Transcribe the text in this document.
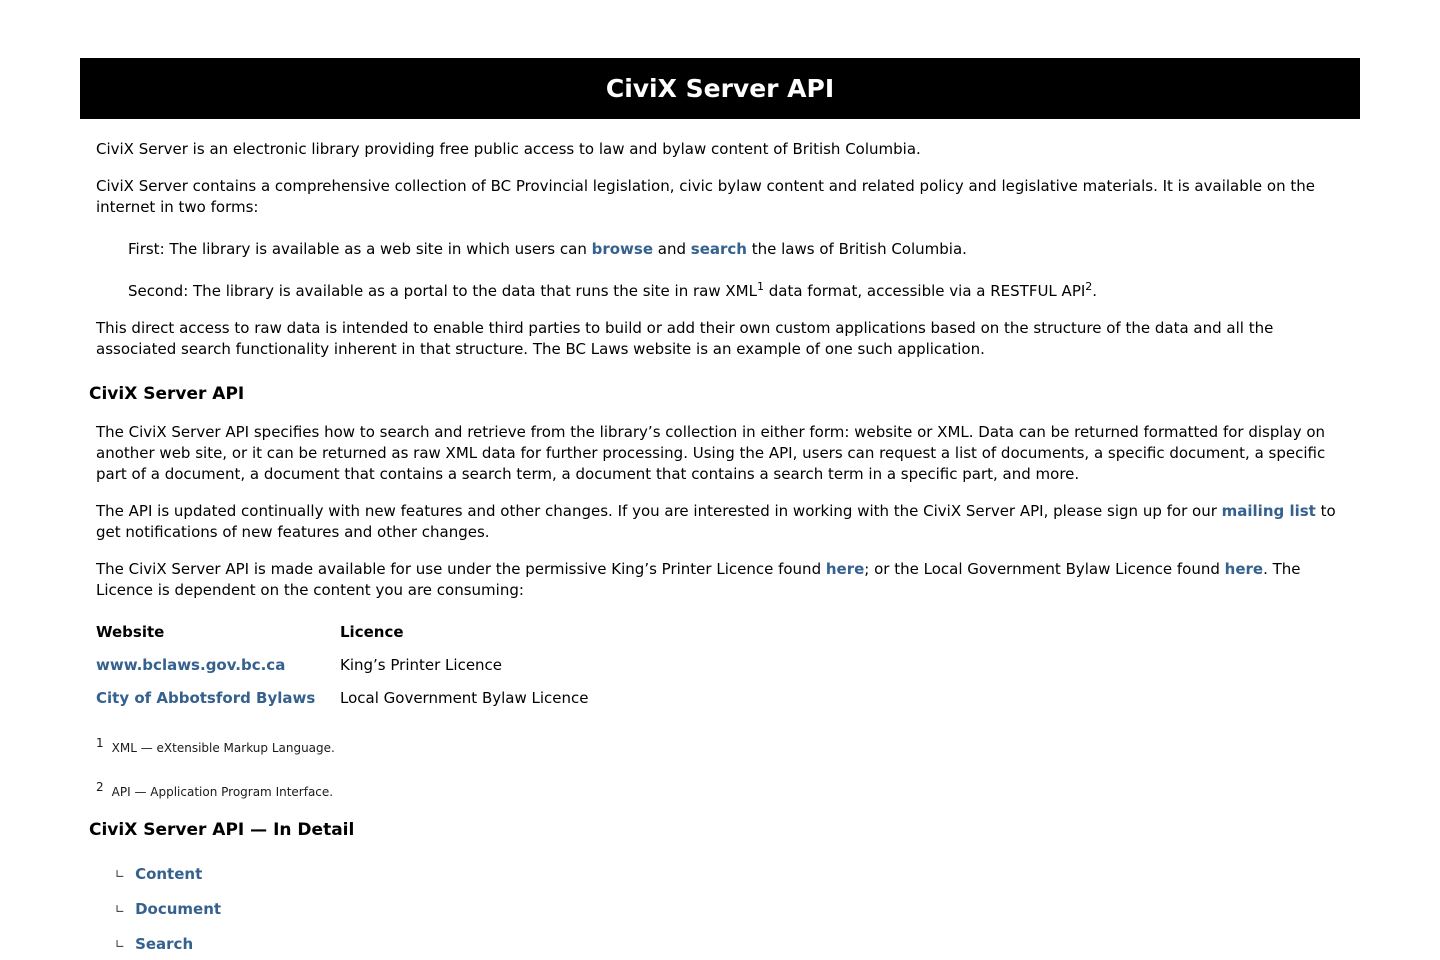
CiviX Server API

CiviX Server is an electronic library providing free public access to law and bylaw content of British Columbia.

CiviX Server contains a comprehensive collection of BC Provincial legislation, civic bylaw content and related policy and legislative materials. It is available on the internet in two forms:

First: The library is available as a web site in which users can browse and search the laws of British Columbia.

Second: The library is available as a portal to the data that runs the site in raw XML$^1$ data format, accessible via a RESTFUL API$^2$.

This direct access to raw data is intended to enable third parties to build or add their own custom applications based on the structure of the data and all the associated search functionality inherent in that structure. The BC Laws website is an example of one such application.

CiviX Server API

The CiviX Server API specifies how to search and retrieve from the library’s collection in either form: website or XML. Data can be returned formatted for display on another web site, or it can be returned as raw XML data for further processing. Using the API, users can request a list of documents, a specific document, a specific part of a document, a document that contains a search term, a document that contains a search term in a specific part, and more.

The API is updated continually with new features and other changes. If you are interested in working with the CiviX Server API, please sign up for our mailing list to get notifications of new features and other changes.

The CiviX Server API is made available for use under the permissive King’s Printer Licence found here; or the Local Government Bylaw Licence found here. The Licence is dependent on the content you are consuming:

Website	Licence
www.bclaws.gov.bc.ca	King’s Printer Licence
City of Abbotsford Bylaws Local Government Bylaw Licence
$^1$ XML — eXtensible Markup Language.
$^2$ API — Application Program Interface.
CiviX Server API — In Detail
∟ Content
∟ Document
∟ Search
